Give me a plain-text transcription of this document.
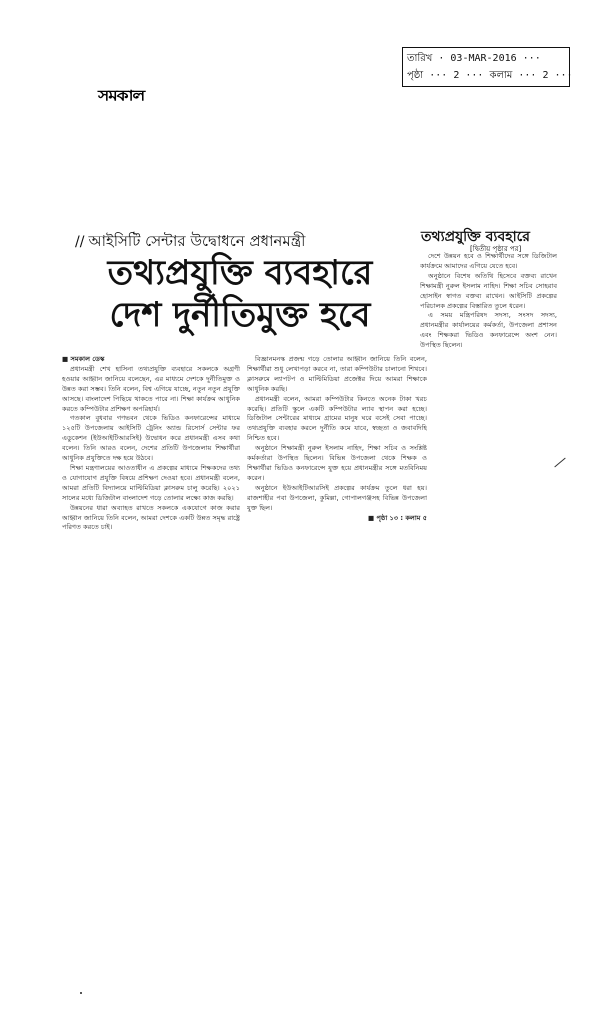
তারিখ · 03-MAR-2016 ···
পৃষ্ঠা ··· 2 ··· কলাম ··· 2 ···
সমকাল
// আইসিটি সেন্টার উদ্বোধনে প্রধানমন্ত্রী
তথ্যপ্রযুক্তি ব্যবহারে
দেশ দুর্নীতিমুক্ত হবে

■ সমকাল ডেস্ক

প্রধানমন্ত্রী শেখ হাসিনা তথ্যপ্রযুক্তি ব্যবহারে সকলকে অগ্রণী হওয়ার আহ্বান জানিয়ে বলেছেন, এর মাধ্যমে দেশকে দুর্নীতিমুক্ত ও উন্নত করা সম্ভব। তিনি বলেন, বিশ্ব এগিয়ে যাচ্ছে, নতুন নতুন প্রযুক্তি আসছে। বাংলাদেশ পিছিয়ে থাকতে পারে না। শিক্ষা কার্যক্রম আধুনিক করতে কম্পিউটার প্রশিক্ষণ অপরিহার্য।

গতকাল বুধবার গণভবন থেকে ভিডিও কনফারেন্সের মাধ্যমে ১২৫টি উপজেলায় আইসিটি ট্রেনিং অ্যান্ড রিসোর্স সেন্টার ফর এডুকেশন (ইউআইটিআরসিই) উদ্বোধন করে প্রধানমন্ত্রী এসব কথা বলেন। তিনি আরও বলেন, দেশের প্রতিটি উপজেলায় শিক্ষার্থীরা আধুনিক প্রযুক্তিতে দক্ষ হয়ে উঠবে।

শিক্ষা মন্ত্রণালয়ের আওতাধীন এ প্রকল্পের মাধ্যমে শিক্ষকদের তথ্য ও যোগাযোগ প্রযুক্তি বিষয়ে প্রশিক্ষণ দেওয়া হবে। প্রধানমন্ত্রী বলেন, আমরা প্রতিটি বিদ্যালয়ে মাল্টিমিডিয়া ক্লাসরুম চালু করেছি। ২০২১ সালের মধ্যে ডিজিটাল বাংলাদেশ গড়ে তোলার লক্ষ্যে কাজ করছি।

উন্নয়নের ধারা অব্যাহত রাখতে সকলকে একযোগে কাজ করার আহ্বান জানিয়ে তিনি বলেন, আমরা দেশকে একটি উন্নত সমৃদ্ধ রাষ্ট্রে পরিণত করতে চাই।

বিজ্ঞানমনস্ক প্রজন্ম গড়ে তোলার আহ্বান জানিয়ে তিনি বলেন, শিক্ষার্থীরা শুধু লেখাপড়া করবে না, তারা কম্পিউটার চালানো শিখবে। ক্লাসরুমে ল্যাপটপ ও মাল্টিমিডিয়া প্রজেক্টর দিয়ে আমরা শিক্ষাকে আধুনিক করছি।

প্রধানমন্ত্রী বলেন, আমরা কম্পিউটার কিনতে অনেক টাকা খরচ করেছি। প্রতিটি স্কুলে একটি কম্পিউটার ল্যাব স্থাপন করা হচ্ছে। ডিজিটাল সেন্টারের মাধ্যমে গ্রামের মানুষ ঘরে বসেই সেবা পাচ্ছে। তথ্যপ্রযুক্তি ব্যবহার করলে দুর্নীতি কমে যাবে, স্বচ্ছতা ও জবাবদিহি নিশ্চিত হবে।

অনুষ্ঠানে শিক্ষামন্ত্রী নুরুল ইসলাম নাহিদ, শিক্ষা সচিব ও সংশ্লিষ্ট কর্মকর্তারা উপস্থিত ছিলেন। বিভিন্ন উপজেলা থেকে শিক্ষক ও শিক্ষার্থীরা ভিডিও কনফারেন্সে যুক্ত হয়ে প্রধানমন্ত্রীর সঙ্গে মতবিনিময় করেন।

অনুষ্ঠানে ইউআইটিআরসিই প্রকল্পের কার্যক্রম তুলে ধরা হয়। রাজশাহীর পবা উপজেলা, কুমিল্লা, গোপালগঞ্জসহ বিভিন্ন উপজেলা যুক্ত ছিল।

■ পৃষ্ঠা ১৩ : কলাম ৫

তথ্যপ্রযুক্তি ব্যবহারে
[দ্বিতীয় পৃষ্ঠার পর]

দেশে উন্নয়ন হবে ও শিক্ষার্থীদের সঙ্গে ডিজিটাল কার্যক্রমে আমাদের এগিয়ে যেতে হবে।

অনুষ্ঠানে বিশেষ অতিথি হিসেবে বক্তব্য রাখেন শিক্ষামন্ত্রী নুরুল ইসলাম নাহিদ। শিক্ষা সচিব সোহরাব হোসাইন স্বাগত বক্তব্য রাখেন। আইসিটি প্রকল্পের পরিচালক প্রকল্পের বিস্তারিত তুলে ধরেন।

এ সময় মন্ত্রিপরিষদ সদস্য, সংসদ সদস্য, প্রধানমন্ত্রীর কার্যালয়ের কর্মকর্তা, উপজেলা প্রশাসন এবং শিক্ষকরা ভিডিও কনফারেন্সে অংশ নেন। উপস্থিত ছিলেন।
